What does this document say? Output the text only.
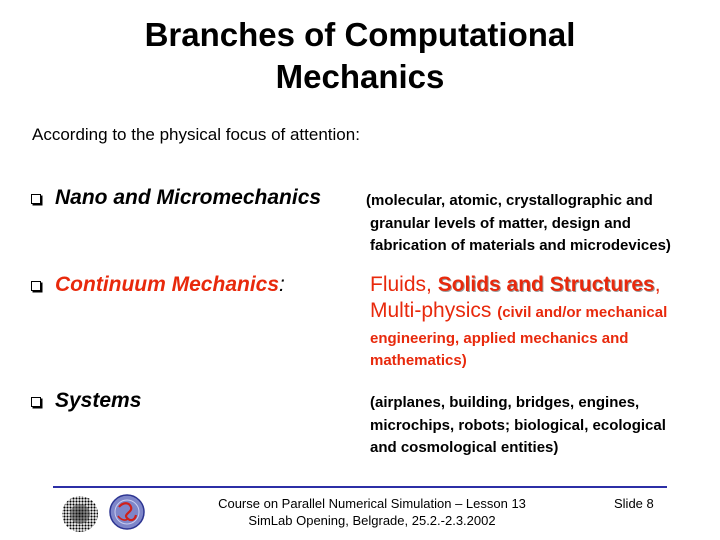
Branches of Computational
Mechanics
According to the physical focus of attention:
Nano and Micromechanics	(molecular, atomic, crystallographic and
granular levels of matter, design and
fabrication of materials and microdevices)
Continuum Mechanics:	Fluids, Solids and Structures,
Multi-physics (civil and/or mechanical
engineering, applied mechanics and
mathematics)
Systems	(airplanes, building, bridges, engines,
microchips, robots; biological, ecological
and cosmological entities)
Course on Parallel Numerical Simulation – Lesson 13
SimLab Opening, Belgrade, 25.2.-2.3.2002
Slide 8
